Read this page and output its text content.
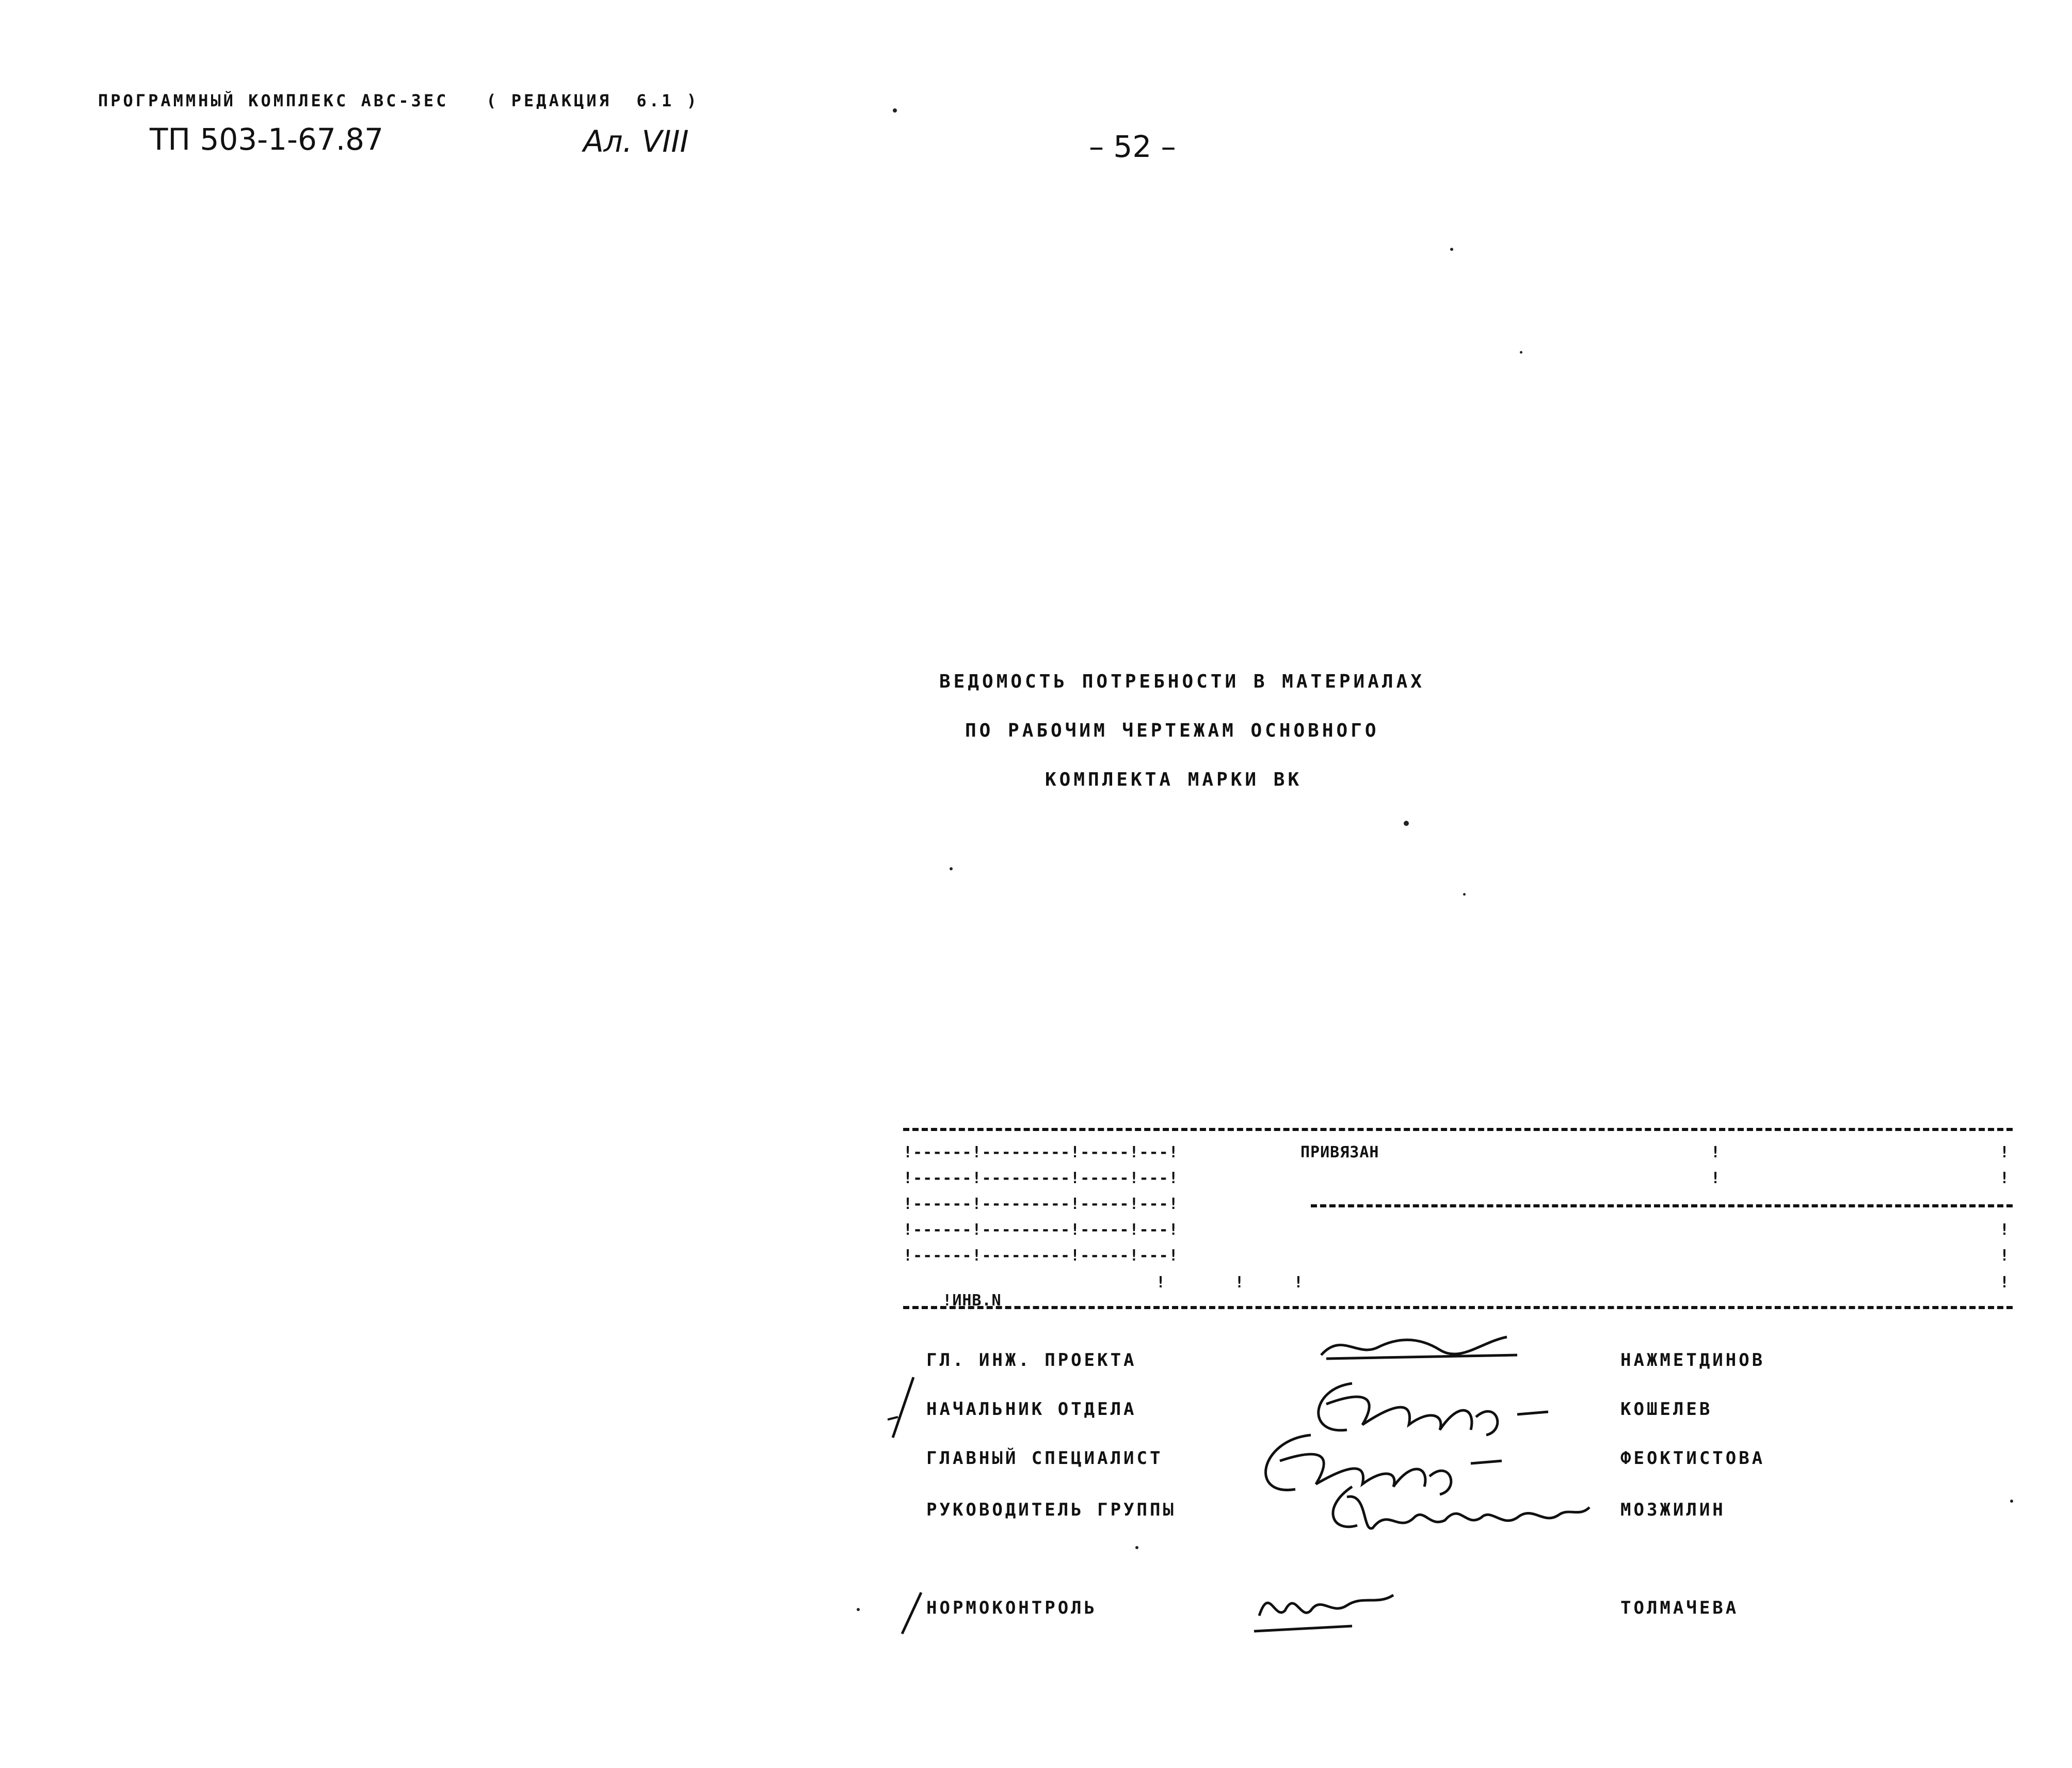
ПРОГРАММНЫЙ КОМПЛЕКС АВС-ЗЕС   ( РЕДАКЦИЯ  6.1 )
ТП 503-1-67.87	Ал. VIII	– 52 –
ВЕДОМОСТЬ ПОТРЕБНОСТИ В МАТЕРИАЛАХ
ПО РАБОЧИМ ЧЕРТЕЖАМ ОСНОВНОГО
КОМПЛЕКТА МАРКИ ВК
!------!---------!-----!---!
!------!---------!-----!---!
!------!---------!-----!---!
!------!---------!-----!---!
!------!---------!-----!---!

!ИНВ.N

!       !     !
ПРИВЯЗАН	!
!
!
!
!
!
!
ГЛ. ИНЖ. ПРОЕКТА	НАЖМЕТДИНОВ
НАЧАЛЬНИК ОТДЕЛА	КОШЕЛЕВ
ГЛАВНЫЙ СПЕЦИАЛИСТ	ФЕОКТИСТОВА
РУКОВОДИТЕЛЬ ГРУППЫ	МОЗЖИЛИН
НОРМОКОНТРОЛЬ	ТОЛМАЧЕВА
